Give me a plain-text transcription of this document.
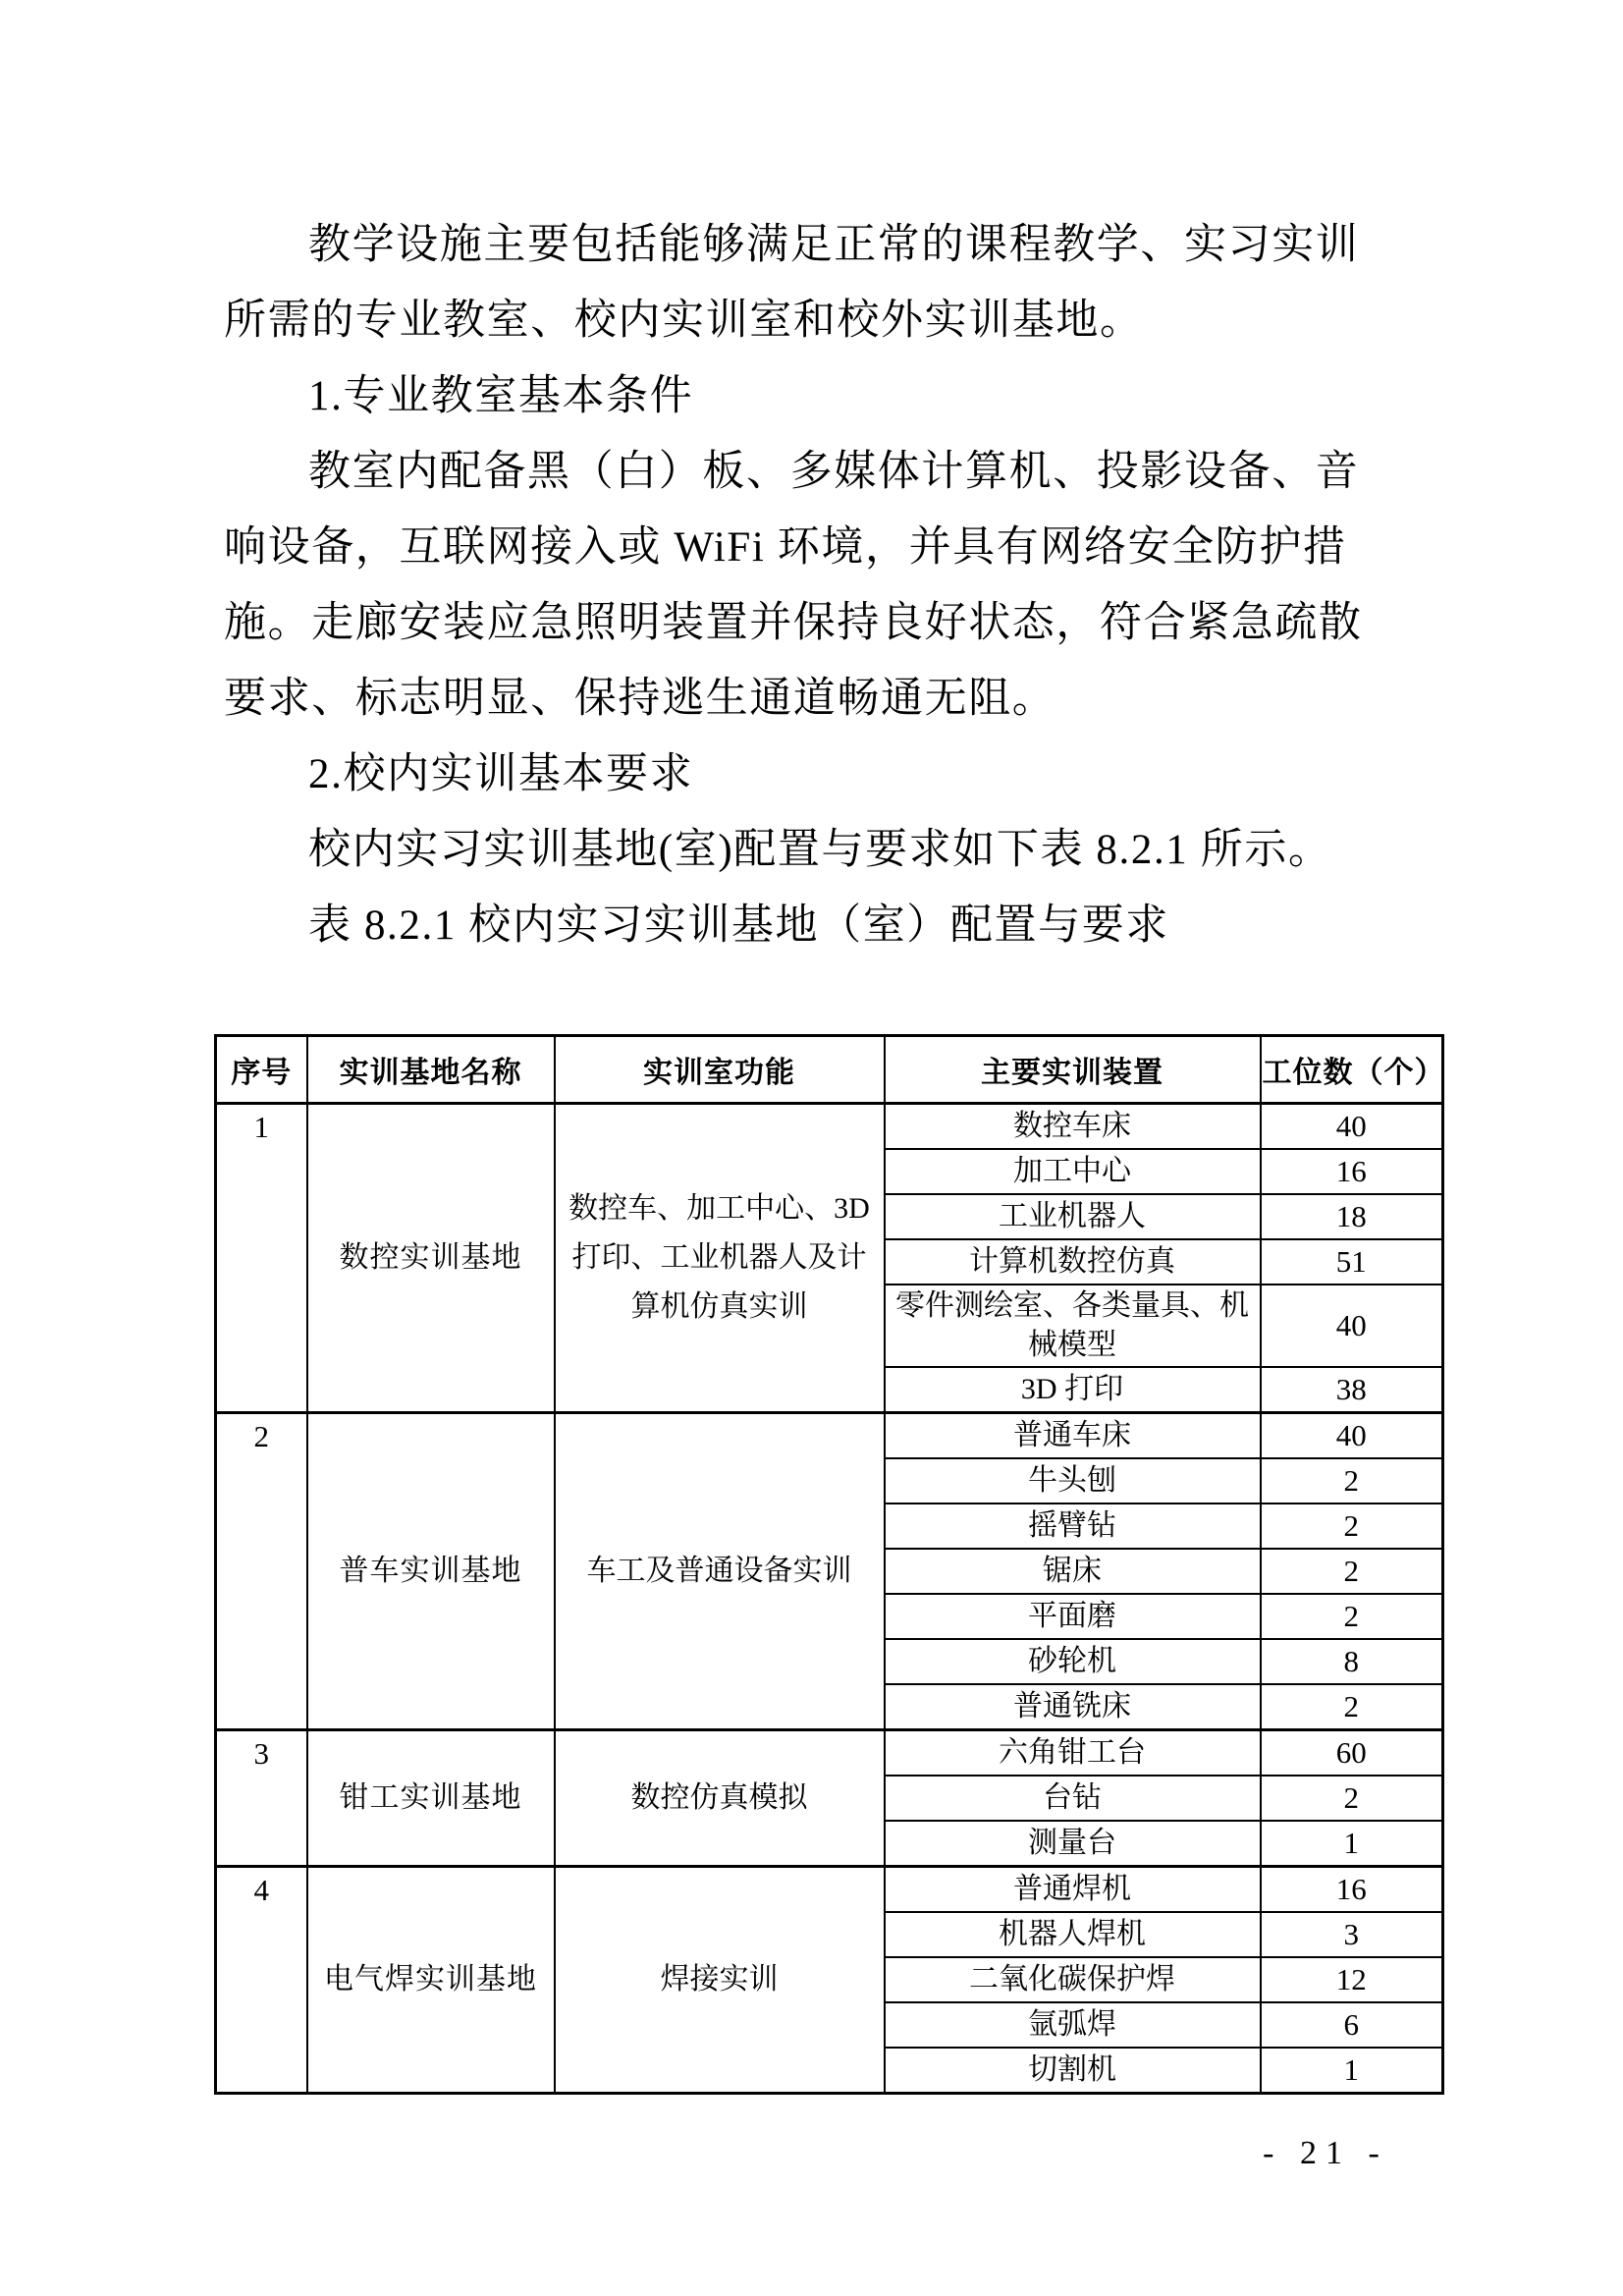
教学设施主要包括能够满足正常的课程教学、实习实训
所需的专业教室、校内实训室和校外实训基地。
1.专业教室基本条件
教室内配备黑（白）板、多媒体计算机、投影设备、音
响设备，互联网接入或 WiFi 环境，并具有网络安全防护措
施。走廊安装应急照明装置并保持良好状态，符合紧急疏散
要求、标志明显、保持逃生通道畅通无阻。
2.校内实训基本要求
校内实习实训基地(室)配置与要求如下表 8.2.1 所示。
表 8.2.1 校内实习实训基地（室）配置与要求
序号	实训基地名称	实训室功能	主要实训装置	工位数（个）
1	数控实训基地	数控车、加工中心、3D打印、工业机器人及计算机仿真实训	数控车床	40
			加工中心	16
			工业机器人	18
			计算机数控仿真	51
			零件测绘室、各类量具、机械模型	40
			3D 打印	38
2	普车实训基地	车工及普通设备实训	普通车床	40
			牛头刨	2
			摇臂钻	2
			锯床	2
			平面磨	2
			砂轮机	8
			普通铣床	2
3	钳工实训基地	数控仿真模拟	六角钳工台	60
			台钻	2
			测量台	1
4	电气焊实训基地	焊接实训	普通焊机	16
			机器人焊机	3
			二氧化碳保护焊	12
			氩弧焊	6
			切割机	1
- 21 -
